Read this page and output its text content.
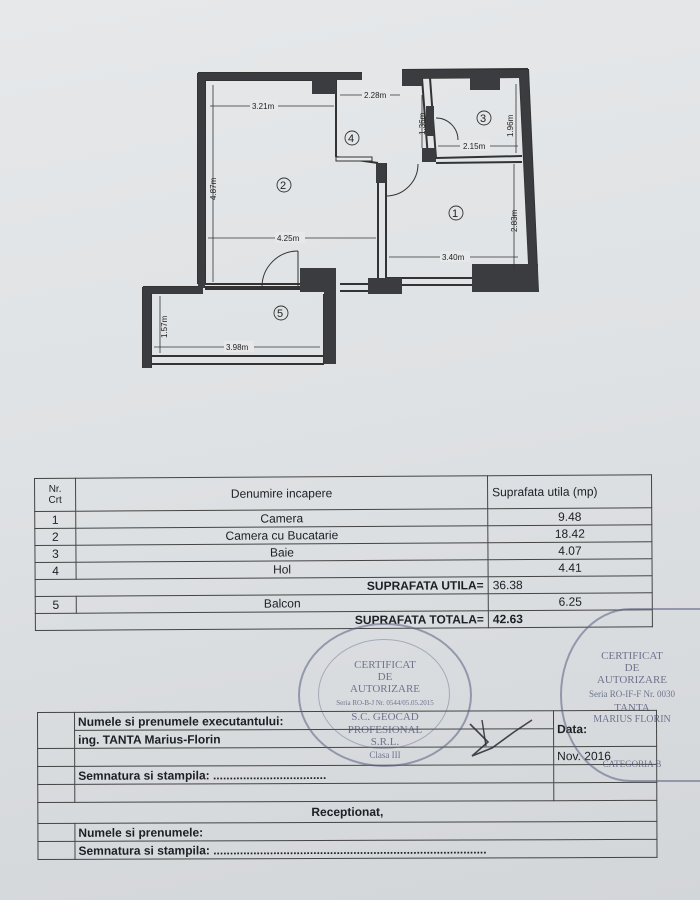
3.21m
2.28m
1.36m	1.96m
2.15m
4.87m
4.25m
2.83m
3.40m
1.57m
3.98m
1
2
3
4
5
Nr.
Crt	Denumire incapere	Suprafata utila (mp)
1	Camera	9.48
2	Camera cu Bucatarie	18.42
3	Baie	4.07
4	Hol	4.41
SUPRAFATA UTILA=		36.38
5	Balcon	6.25
SUPRAFATA TOTALA=		42.63
	Numele si prenumele executantului:	Data:
	ing. TANTA Marius-Florin	
		Nov. 2016
	Semnatura si stampila: ..................................	

Receptionat,		
	Numele si prenumele:	
	Semnatura si stampila: ..................................................................................	
CERTIFICAT
DE
AUTORIZARE
Seria RO-B-J Nr. 0544/05.05.2015
S.C. GEOCAD
PROFESIONAL
S.R.L.
Clasa III
CERTIFICAT
DE
AUTORIZARE
Seria RO-IF-F Nr. 0030
TANTA
MARIUS FLORIN
CATEGORIA B
